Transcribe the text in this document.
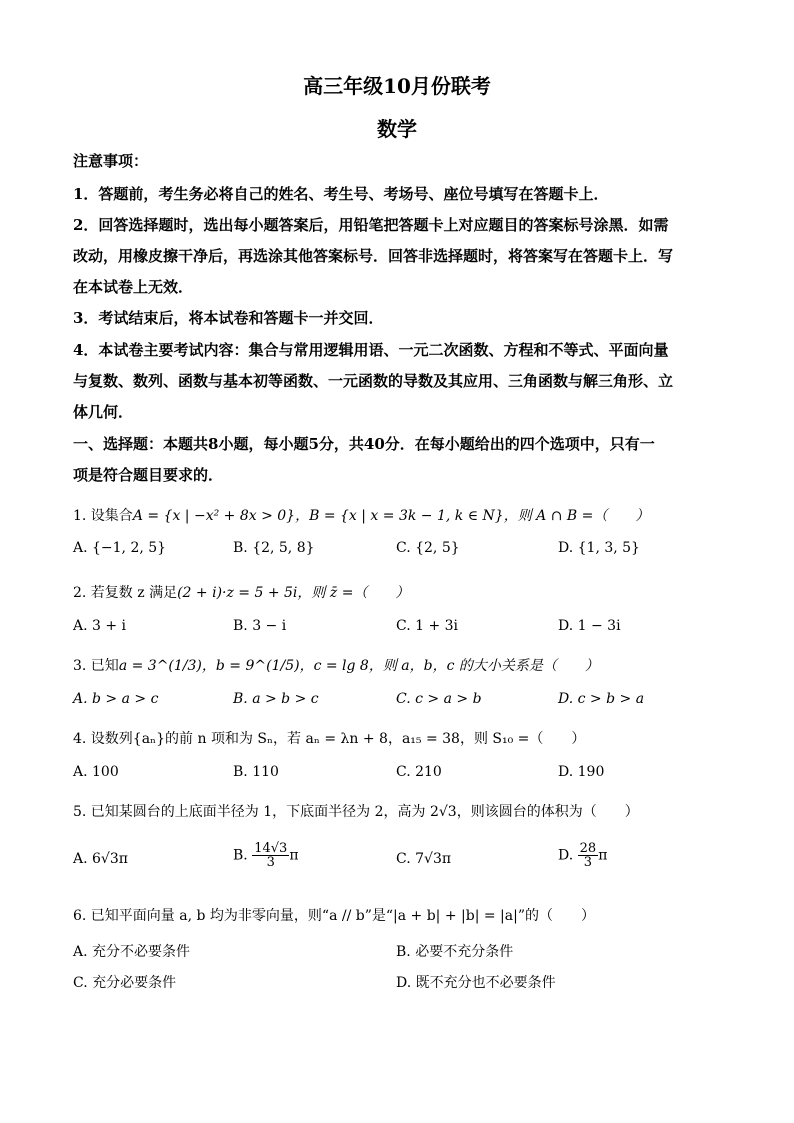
高三年级10月份联考
数学
注意事项：
1．答题前，考生务必将自己的姓名、考生号、考场号、座位号填写在答题卡上．
2．回答选择题时，选出每小题答案后，用铅笔把答题卡上对应题目的答案标号涂黑．如需
改动，用橡皮擦干净后，再选涂其他答案标号．回答非选择题时，将答案写在答题卡上．写
在本试卷上无效．
3．考试结束后，将本试卷和答题卡一并交回．
4．本试卷主要考试内容：集合与常用逻辑用语、一元二次函数、方程和不等式、平面向量
与复数、数列、函数与基本初等函数、一元函数的导数及其应用、三角函数与解三角形、立
体几何．
一、选择题：本题共8小题，每小题5分，共40分．在每小题给出的四个选项中，只有一
项是符合题目要求的．
1. 设集合A = {x | −x² + 8x > 0}，B = {x | x = 3k − 1, k ∈ N}，则 A ∩ B =（　　）
A. {−1, 2, 5}	B. {2, 5, 8}	C. {2, 5}	D. {1, 3, 5}
2. 若复数 z 满足(2 + i)·z = 5 + 5i，则 z̄ =（　　）
A. 3 + i	B. 3 − i	C. 1 + 3i	D. 1 − 3i
3. 已知a = 3^(1/3)，b = 9^(1/5)，c = lg 8，则 a，b，c 的大小关系是（　　）
A. b > a > c	B. a > b > c	C. c > a > b	D. c > b > a
4. 设数列{aₙ}的前 n 项和为 Sₙ，若 aₙ = λn + 8，a₁₅ = 38，则 S₁₀ =（　　）
A. 100	B. 110	C. 210	D. 190
5. 已知某圆台的上底面半径为 1，下底面半径为 2，高为 2√3，则该圆台的体积为（　　）
A. 6√3π	B. $\frac{14√3}{3}$ π	C. 7√3π	D. $\frac{28}{3}$ π
6. 已知平面向量 a, b 均为非零向量，则“a // b”是“|a + b| + |b| = |a|”的（　　）
A. 充分不必要条件	B. 必要不充分条件
C. 充分必要条件	D. 既不充分也不必要条件
